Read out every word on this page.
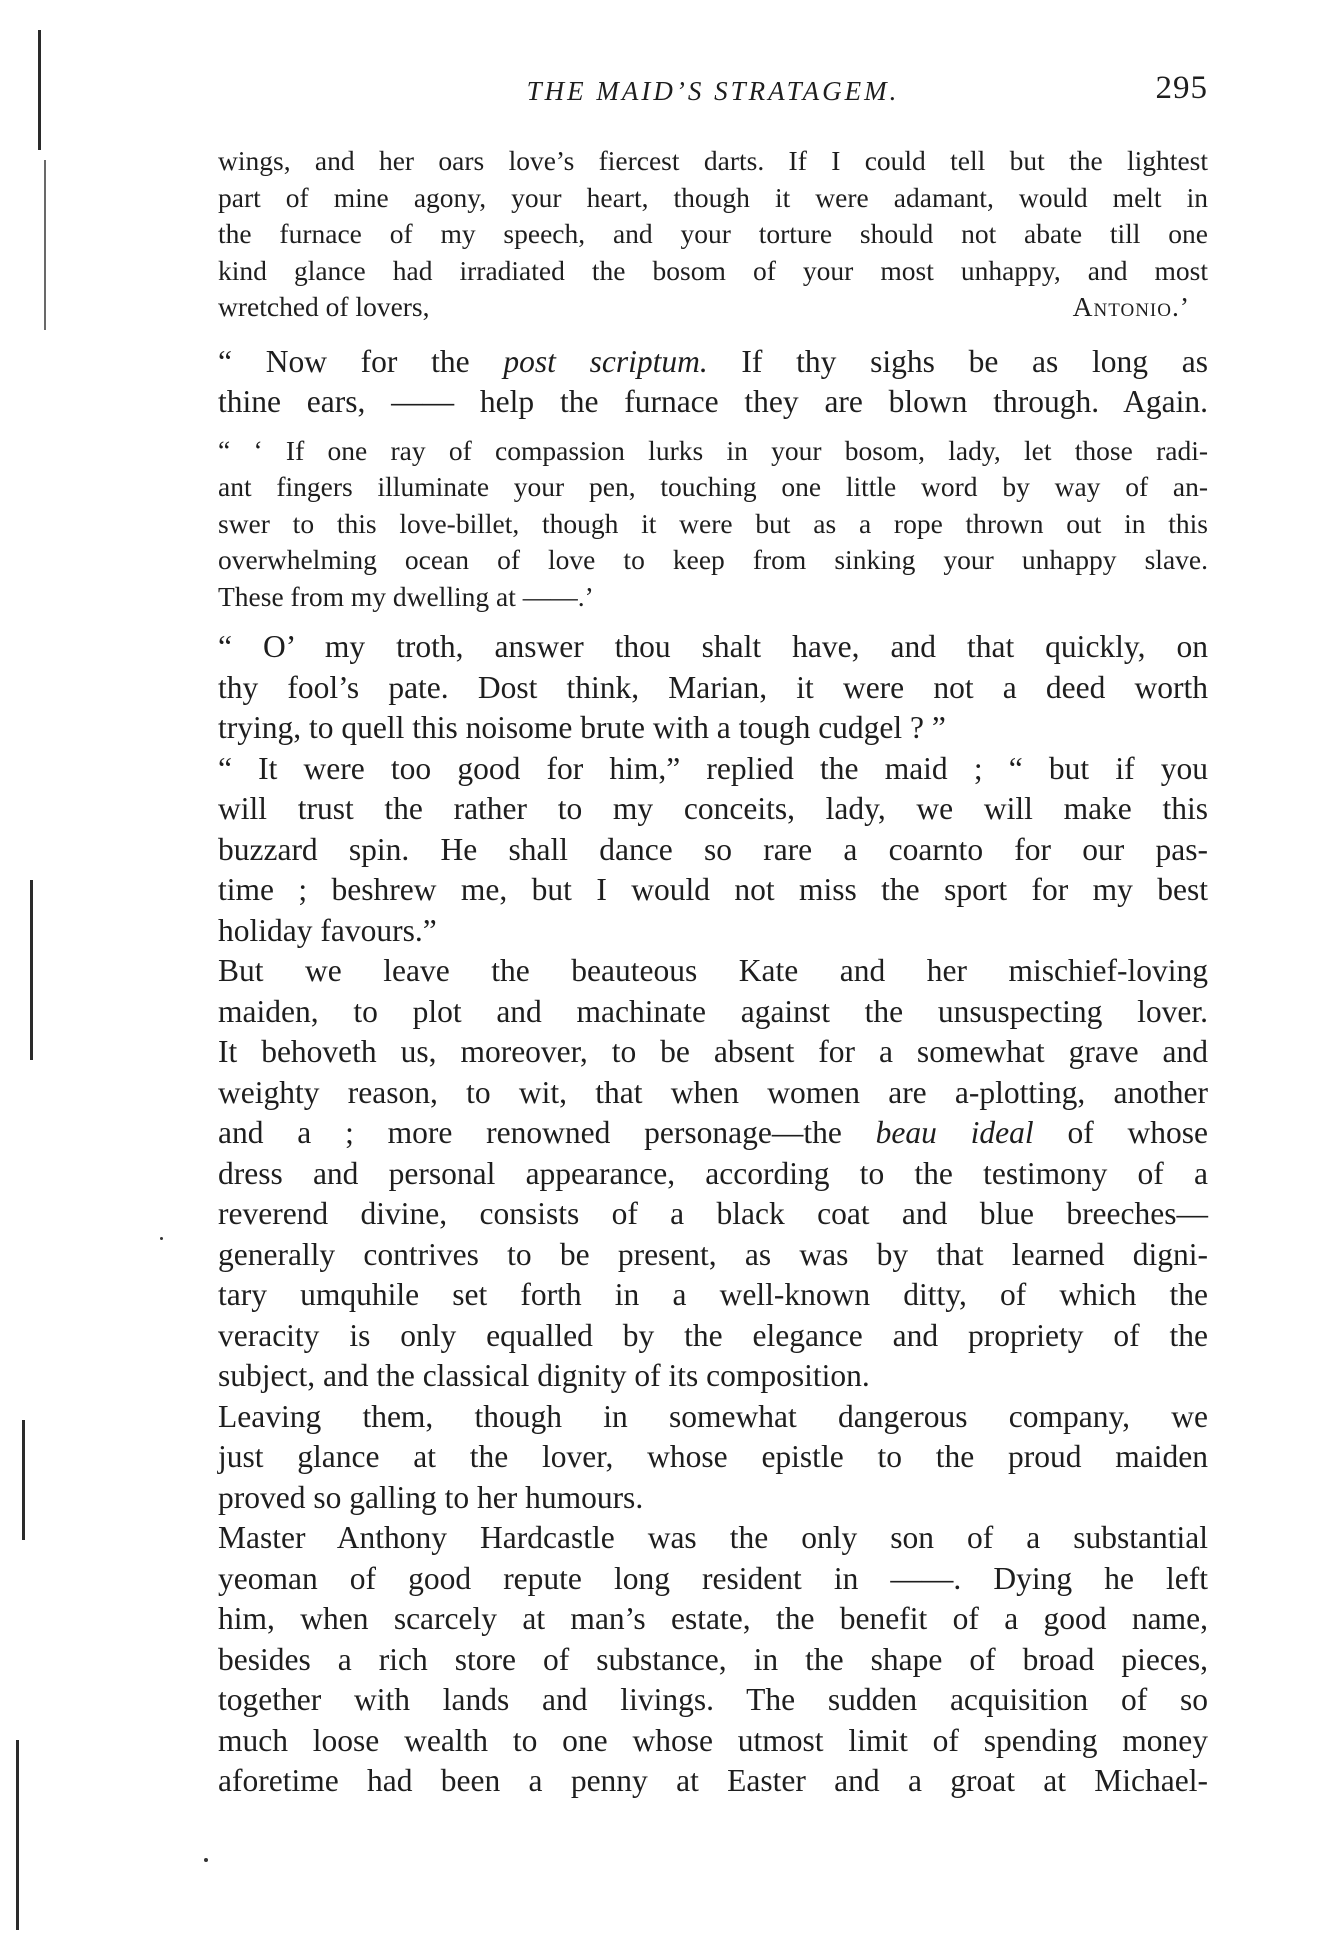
THE MAID’S STRATAGEM.	295
wings, and her oars love’s fiercest darts. If I could tell but the lightest
part of mine agony, your heart, though it were adamant, would melt in
the furnace of my speech, and your torture should not abate till one
kind glance had irradiated the bosom of your most unhappy, and most
wretched of lovers,	Antonio.’
“ Now for the post scriptum. If thy sighs be as long as
thine ears, —— help the furnace they are blown through. Again.
“ ‘ If one ray of compassion lurks in your bosom, lady, let those radi-
ant fingers illuminate your pen, touching one little word by way of an-
swer to this love-billet, though it were but as a rope thrown out in this
overwhelming ocean of love to keep from sinking your unhappy slave.
These from my dwelling at ——.’
“ O’ my troth, answer thou shalt have, and that quickly, on
thy fool’s pate. Dost think, Marian, it were not a deed worth
trying, to quell this noisome brute with a tough cudgel ? ”
“ It were too good for him,” replied the maid ; “ but if you
will trust the rather to my conceits, lady, we will make this
buzzard spin. He shall dance so rare a coarnto for our pas-
time ; beshrew me, but I would not miss the sport for my best
holiday favours.”
But we leave the beauteous Kate and her mischief-loving
maiden, to plot and machinate against the unsuspecting lover.
It behoveth us, moreover, to be absent for a somewhat grave and
weighty reason, to wit, that when women are a-plotting, another
and a ; more renowned personage—the beau ideal of whose
dress and personal appearance, according to the testimony of a
reverend divine, consists of a black coat and blue breeches—
generally contrives to be present, as was by that learned digni-
tary umquhile set forth in a well-known ditty, of which the
veracity is only equalled by the elegance and propriety of the
subject, and the classical dignity of its composition.
Leaving them, though in somewhat dangerous company, we
just glance at the lover, whose epistle to the proud maiden
proved so galling to her humours.
Master Anthony Hardcastle was the only son of a substantial
yeoman of good repute long resident in ——. Dying he left
him, when scarcely at man’s estate, the benefit of a good name,
besides a rich store of substance, in the shape of broad pieces,
together with lands and livings. The sudden acquisition of so
much loose wealth to one whose utmost limit of spending money
aforetime had been a penny at Easter and a groat at Michael-
